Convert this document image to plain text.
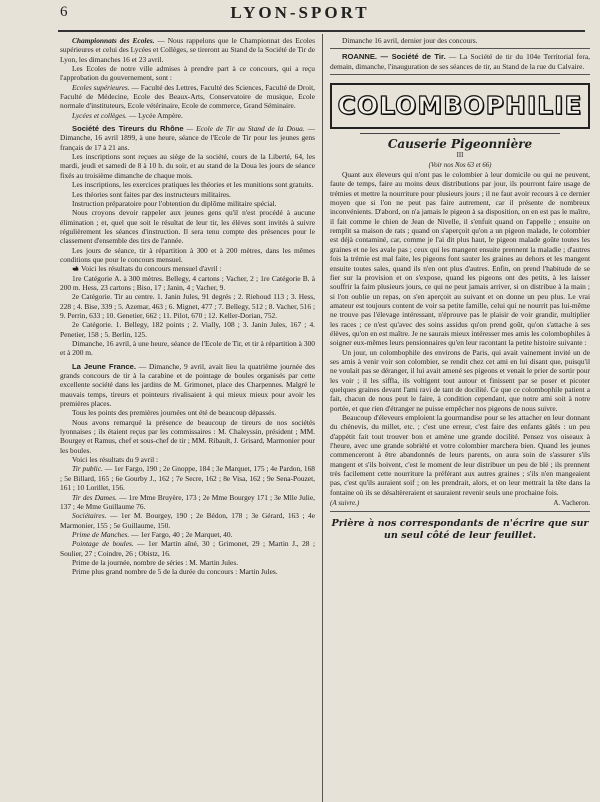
6	LYON-SPORT

Championnats des Ecoles. — Nous rappelons que le Championnat des Ecoles supérieures et celui des Lycées et Collèges, se tireront au Stand de la Société de Tir de Lyon, les dimanches 16 et 23 avril.

Les Ecoles de notre ville admises à prendre part à ce concours, qui a reçu l'approbation du gouvernement, sont :

Ecoles supérieures. — Faculté des Lettres, Faculté des Sciences, Faculté de Droit, Faculté de Médecine, Ecole des Beaux-Arts, Conservatoire de musique, Ecole normale d'instituteurs, Ecole vétérinaire, Ecole de commerce, Grand Séminaire.

Lycées et collèges. — Lycée Ampère.

Société des Tireurs du Rhône — Ecole de Tir au Stand de la Doua. — Dimanche, 16 avril 1899, à une heure, séance de l'Ecole de Tir pour les jeunes gens français de 17 à 21 ans.

Les inscriptions sont reçues au siège de la société, cours de la Liberté, 64, les mardi, jeudi et samedi de 8 à 10 h. du soir, et au stand de la Doua les jours de séance fixés au troisième dimanche de chaque mois.

Les inscriptions, les exercices pratiques les théories et les munitions sont gratuits.

Les théories sont faites par des instructeurs militaires.

Instruction préparatoire pour l'obtention du diplôme militaire spécial.

Nous croyons devoir rappeler aux jeunes gens qu'il n'est procédé à aucune élimination ; et, quel que soit le résultat de leur tir, les élèves sont invités à suivre régulièrement les séances d'instruction. Il sera tenu compte des présences pour le classement d'ensemble des tirs de l'année.

Les jours de séance, tir à répartition à 300 et à 200 mètres, dans les mêmes conditions que pour le concours mensuel.

Voici les résultats du concours mensuel d'avril :

1re Catégorie A. à 300 mètres. Bellegy, 4 cartons ; Vacher, 2 ; 1re Catégorie B. à 200 m. Hess, 23 cartons ; Biso, 17 ; Janin, 4 ; Vacher, 9.

2e Catégorie. Tir au centre. 1. Janin Jules, 91 degrés ; 2. Riehoud 113 ; 3. Hess, 228 ; 4. Bise, 339 ; 5. Azemar, 463 ; 6. Mignet, 477 ; 7. Bellegy, 512 ; 8. Vacher, 516 ; 9. Perrin, 633 ; 10. Genetier, 662 ; 11. Pilot, 670 ; 12. Keller-Dorian, 752.

2e Catégorie. 1. Bellegy, 182 points ; 2. Vially, 108 ; 3. Janin Jules, 167 ; 4. Penetier, 158 ; 5. Berlin, 125.

Dimanche, 16 avril, à une heure, séance de l'Ecole de Tir, et tir à répartition à 300 et à 200 m.

La Jeune France. — Dimanche, 9 avril, avait lieu la quatrième journée des grands concours de tir à la carabine et de pointage de boules organisés par cette excellente société dans les jardins de M. Grimonet, place des Charpennes. Malgré le mauvais temps, tireurs et pointeurs rivalisaient à qui mieux mieux pour avoir les premières places.

Tous les points des premières journées ont été de beaucoup dépassés.

Nous avons remarqué la présence de beaucoup de tireurs de nos sociétés lyonnaises ; ils étaient reçus par les commissaires : M. Chaleyssin, président ; MM. Bourgey et Ramus, chef et sous-chef de tir ; MM. Ribault, J. Grisard, Marmonier pour les boules.

Voici les résultats du 9 avril :

Tir public. — 1er Fargo, 190 ; 2e Gnoppe, 184 ; 3e Marquet, 175 ; 4e Pardon, 168 ; 5e Billard, 165 ; 6e Gourby J., 162 ; 7e Secre, 162 ; 8e Visa, 162 ; 9e Sena-Pouzet, 161 ; 10 Lorillet, 156.

Tir des Dames. — 1re Mme Bruyère, 173 ; 2e Mme Bourgey 171 ; 3e Mlle Julie, 137 ; 4e Mme Guillaume 76.

Sociétaires. — 1er M. Bourgey, 190 ; 2e Bédon, 178 ; 3e Gérard, 163 ; 4e Marmonier, 155 ; 5e Guillaume, 150.

Prime de Manches. — 1er Fargo, 40 ; 2e Marquet, 40.

Pointage de boules. — 1er Martin aîné, 30 ; Grimonet, 29 ; Martin J., 28 ; Soulier, 27 ; Coindre, 26 ; Obistz, 16.

Prime de la journée, nombre de séries : M. Martin Jules.

Prime plus grand nombre de 5 de la durée du concours : Martin Jules.

Dimanche 16 avril, dernier jour des concours.

ROANNE. — Société de Tir. — La Société de tir du 104e Territorial fera, demain, dimanche, l'inauguration de ses séances de tir, au Stand de la rue du Calvaire.

COLOMBOPHILIE
Causerie Pigeonnière
III
(Voir nos Nos 63 et 66)

Quant aux éleveurs qui n'ont pas le colombier à leur domicile ou qui ne peuvent, faute de temps, faire au moins deux distributions par jour, ils pourront faire usage de trémies et mettre la nourriture pour plusieurs jours ; il ne faut avoir recours à ce dernier moyen que si l'on ne peut pas faire autrement, car il présente de nombreux inconvénients. D'abord, on n'a jamais le pigeon à sa disposition, on en est pas le maître, il fait comme le chien de Jean de Nivelle, il s'enfuit quand on l'appelle ; ensuite on remplit sa maison de rats ; quand on s'aperçoit qu'on a un pigeon malade, le colombier est déjà contaminé, car, comme je l'ai dit plus haut, le pigeon malade goûte toutes les graines et ne les avale pas ; ceux qui les mangent ensuite prennent la maladie ; d'autres fois la trémie est mal faite, les pigeons font sauter les graines au dehors et les mangent ensuite toutes sales, quand ils n'en ont plus d'autres. Enfin, on prend l'habitude de se fier sur la provision et on s'expose, quand les pigeons ont des petits, à les laisser souffrir la faim plusieurs jours, ce qui ne peut jamais arriver, si on distribue à la main ; si l'on oublie un repas, on s'en aperçoit au suivant et on donne un peu plus. Le vrai amateur est toujours content de voir sa petite famille, celui qui ne nourrit pas lui-même ne trouve pas l'élevage intéressant, n'éprouve pas le plaisir de voir grandir, multiplier les races ; ce n'est qu'avec des soins assidus qu'on prend goût, qu'on s'attache à ses élèves, qu'on en est maître. Je ne saurais mieux intéresser mes amis les colombophiles à soigner eux-mêmes leurs pensionnaires qu'en leur racontant la petite histoire suivante :

Un jour, un colombophile des environs de Paris, qui avait vainement invité un de ses amis à venir voir son colombier, se rendit chez cet ami en lui disant que, puisqu'il ne voulait pas se déranger, il lui avait amené ses pigeons et venait le prier de sortir pour les voir ; il les siffla, ils voltigent tout autour et finissent par se poser et picoter quelques graines devant l'ami ravi de tant de docilité. Ce que ce colombophile patient a fait, chacun de nous peut le faire, à condition cependant, que notre ami soit à notre portée, et que rien d'étranger ne puisse empêcher nos pigeons de nous suivre.

Beaucoup d'éleveurs emploient la gourmandise pour se les attacher en leur donnant du chènevis, du millet, etc. ; c'est une erreur, c'est faire des enfants gâtés : un peu d'appétit fait tout trouver bon et amène une grande docilité. Pensez vos oiseaux à l'heure, avec une grande sobriété et votre colombier marchera bien. Quand les jeunes commenceront à être abandonnés de leurs parents, on aura soin de s'assurer s'ils mangent et s'ils boivent, c'est le moment de leur distribuer un peu de blé ; ils prennent très facilement cette nourriture la préférant aux autres graines ; s'ils n'en mangeaient pas, c'est qu'ils auraient soif ; on les prendrait, alors, et on leur mettrait la tête dans la fontaine où ils se désaltèreraient et sauraient revenir seuls une prochaine fois.

(A suivre.)	A. Vacheron.
Prière à nos correspondants de n'écrire que sur un seul côté de leur feuillet.
